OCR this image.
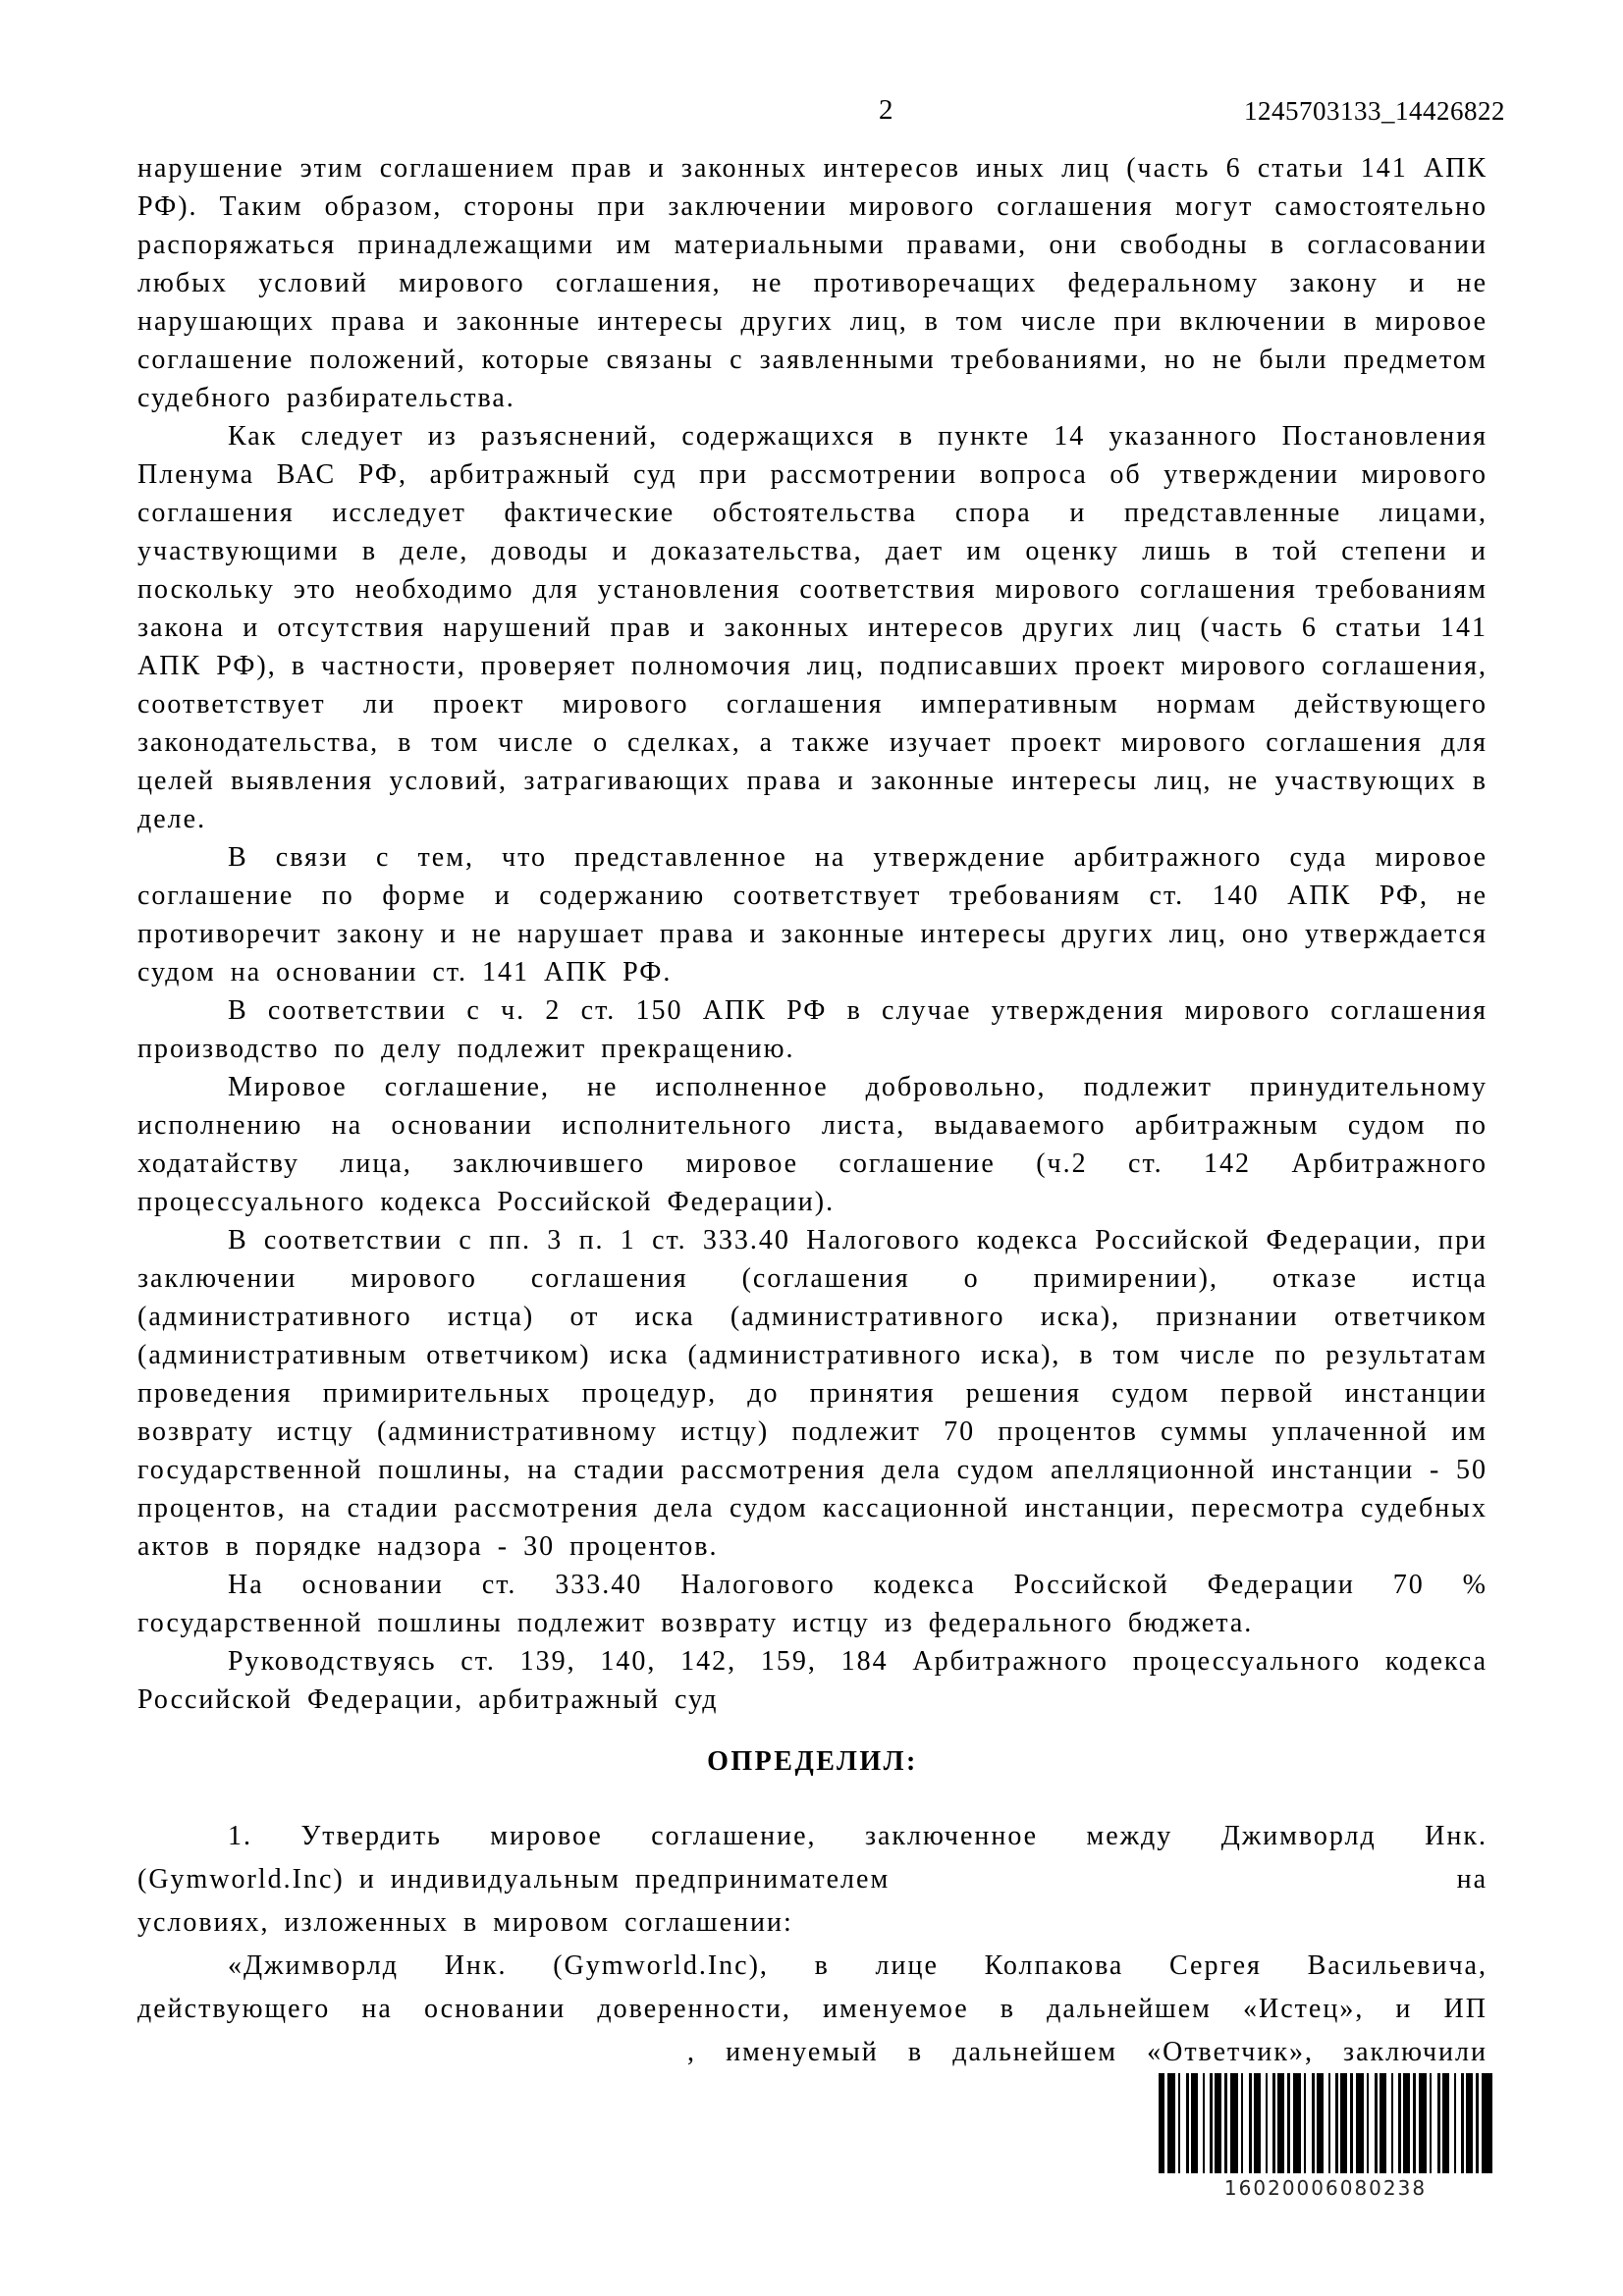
2	1245703133_14426822

нарушение этим соглашением прав и законных интересов иных лиц (часть 6 статьи 141 АПК РФ). Таким образом, стороны при заключении мирового соглашения могут самостоятельно распоряжаться принадлежащими им материальными правами, они свободны в согласовании любых условий мирового соглашения, не противоречащих федеральному закону и не нарушающих права и законные интересы других лиц, в том числе при включении в мировое соглашение положений, которые связаны с заявленными требованиями, но не были предметом судебного разбирательства.

Как следует из разъяснений, содержащихся в пункте 14 указанного Постановления Пленума ВАС РФ, арбитражный суд при рассмотрении вопроса об утверждении мирового соглашения исследует фактические обстоятельства спора и представленные лицами, участвующими в деле, доводы и доказательства, дает им оценку лишь в той степени и поскольку это необходимо для установления соответствия мирового соглашения требованиям закона и отсутствия нарушений прав и законных интересов других лиц (часть 6 статьи 141 АПК РФ), в частности, проверяет полномочия лиц, подписавших проект мирового соглашения, соответствует ли проект мирового соглашения императивным нормам действующего законодательства, в том числе о сделках, а также изучает проект мирового соглашения для целей выявления условий, затрагивающих права и законные интересы лиц, не участвующих в деле.

В связи с тем, что представленное на утверждение арбитражного суда мировое соглашение по форме и содержанию соответствует требованиям ст. 140 АПК РФ, не противоречит закону и не нарушает права и законные интересы других лиц, оно утверждается судом на основании ст. 141 АПК РФ.

В соответствии с ч. 2 ст. 150 АПК РФ в случае утверждения мирового соглашения производство по делу подлежит прекращению.

Мировое соглашение, не исполненное добровольно, подлежит принудительному исполнению на основании исполнительного листа, выдаваемого арбитражным судом по ходатайству лица, заключившего мировое соглашение (ч.2 ст. 142 Арбитражного процессуального кодекса Российской Федерации).

В соответствии с пп. 3 п. 1 ст. 333.40 Налогового кодекса Российской Федерации, при заключении мирового соглашения (соглашения о примирении), отказе истца (административного истца) от иска (административного иска), признании ответчиком (административным ответчиком) иска (административного иска), в том числе по результатам проведения примирительных процедур, до принятия решения судом первой инстанции возврату истцу (административному истцу) подлежит 70 процентов суммы уплаченной им государственной пошлины, на стадии рассмотрения дела судом апелляционной инстанции - 50 процентов, на стадии рассмотрения дела судом кассационной инстанции, пересмотра судебных актов в порядке надзора - 30 процентов.

На основании ст. 333.40 Налогового кодекса Российской Федерации 70 % государственной пошлины подлежит возврату истцу из федерального бюджета.

Руководствуясь ст. 139, 140, 142, 159, 184 Арбитражного процессуального кодекса Российской Федерации, арбитражный суд

ОПРЕДЕЛИЛ:
1. Утвердить мировое соглашение, заключенное между Джимворлд Инк.
(Gymworld.Inc) и индивидуальным предпринимателем	на
условиях, изложенных в мировом соглашении:
«Джимворлд Инк. (Gymworld.Inc), в лице Колпакова Сергея Васильевича,
действующего на основании доверенности, именуемое в дальнейшем «Истец», и ИП
, именуемый в дальнейшем «Ответчик», заключили
16020006080238
